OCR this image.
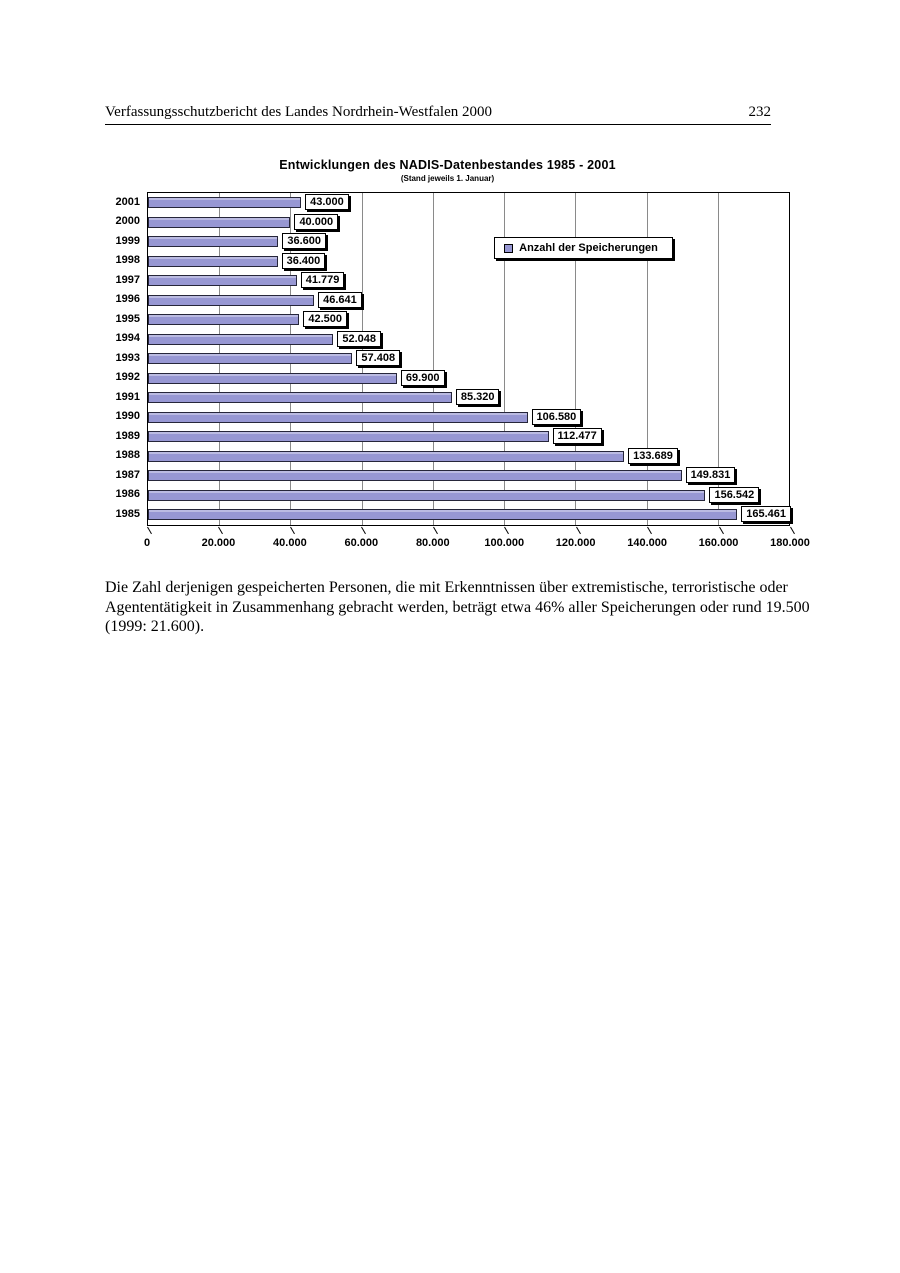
Verfassungsschutzbericht des Landes Nordrhein-Westfalen 2000	232
Entwicklungen des NADIS-Datenbestandes 1985 - 2001
(Stand jeweils 1. Januar)
2001
2000
1999
1998
1997
1996
1995
1994
1993
1992
1991
1990
1989
1988
1987
1986
1985
Anzahl der Speicherungen
43.000
40.000
36.600
36.400
41.779
46.641
42.500
52.048
57.408
69.900
85.320
106.580
112.477
133.689
149.831
156.542
165.461
0	20.000	40.000	60.000	80.000	100.000	120.000	140.000	160.000	180.000

Die Zahl derjenigen gespeicherten Personen, die mit Erkenntnissen über extremistische, terroristische oder Agententätigkeit in Zusammenhang gebracht werden, beträgt etwa 46% aller Speicherungen oder rund 19.500 (1999: 21.600).
